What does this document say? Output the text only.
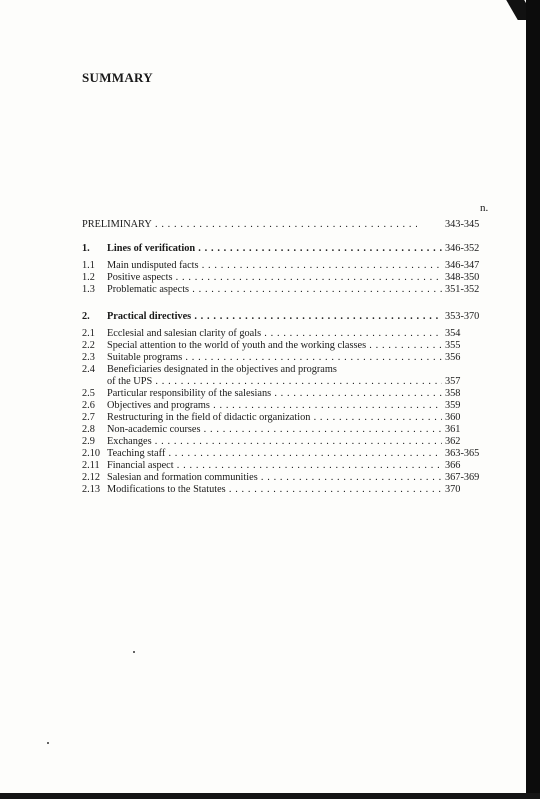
SUMMARY
n.
PRELIMINARY . . .	343-345
1. Lines of verification . . .	346-352
1.1 Main undisputed facts . . .	346-347
1.2 Positive aspects . . .	348-350
1.3 Problematic aspects . . .	351-352
2. Practical directives . . .	353-370
2.1 Ecclesial and salesian clarity of goals . . .	354
2.2 Special attention to the world of youth and the working classes . . .	355
2.3 Suitable programs . . .	356
2.4 Beneficiaries designated in the objectives and programs
of the UPS . . .	357
2.5 Particular responsibility of the salesians . . .	358
2.6 Objectives and programs . . .	359
2.7 Restructuring in the field of didactic organization . . .	360
2.8 Non-academic courses . . .	361
2.9 Exchanges . . .	362
2.10 Teaching staff . . .	363-365
2.11 Financial aspect . . .	366
2.12 Salesian and formation communities . . .	367-369
2.13 Modifications to the Statutes . . .	370
